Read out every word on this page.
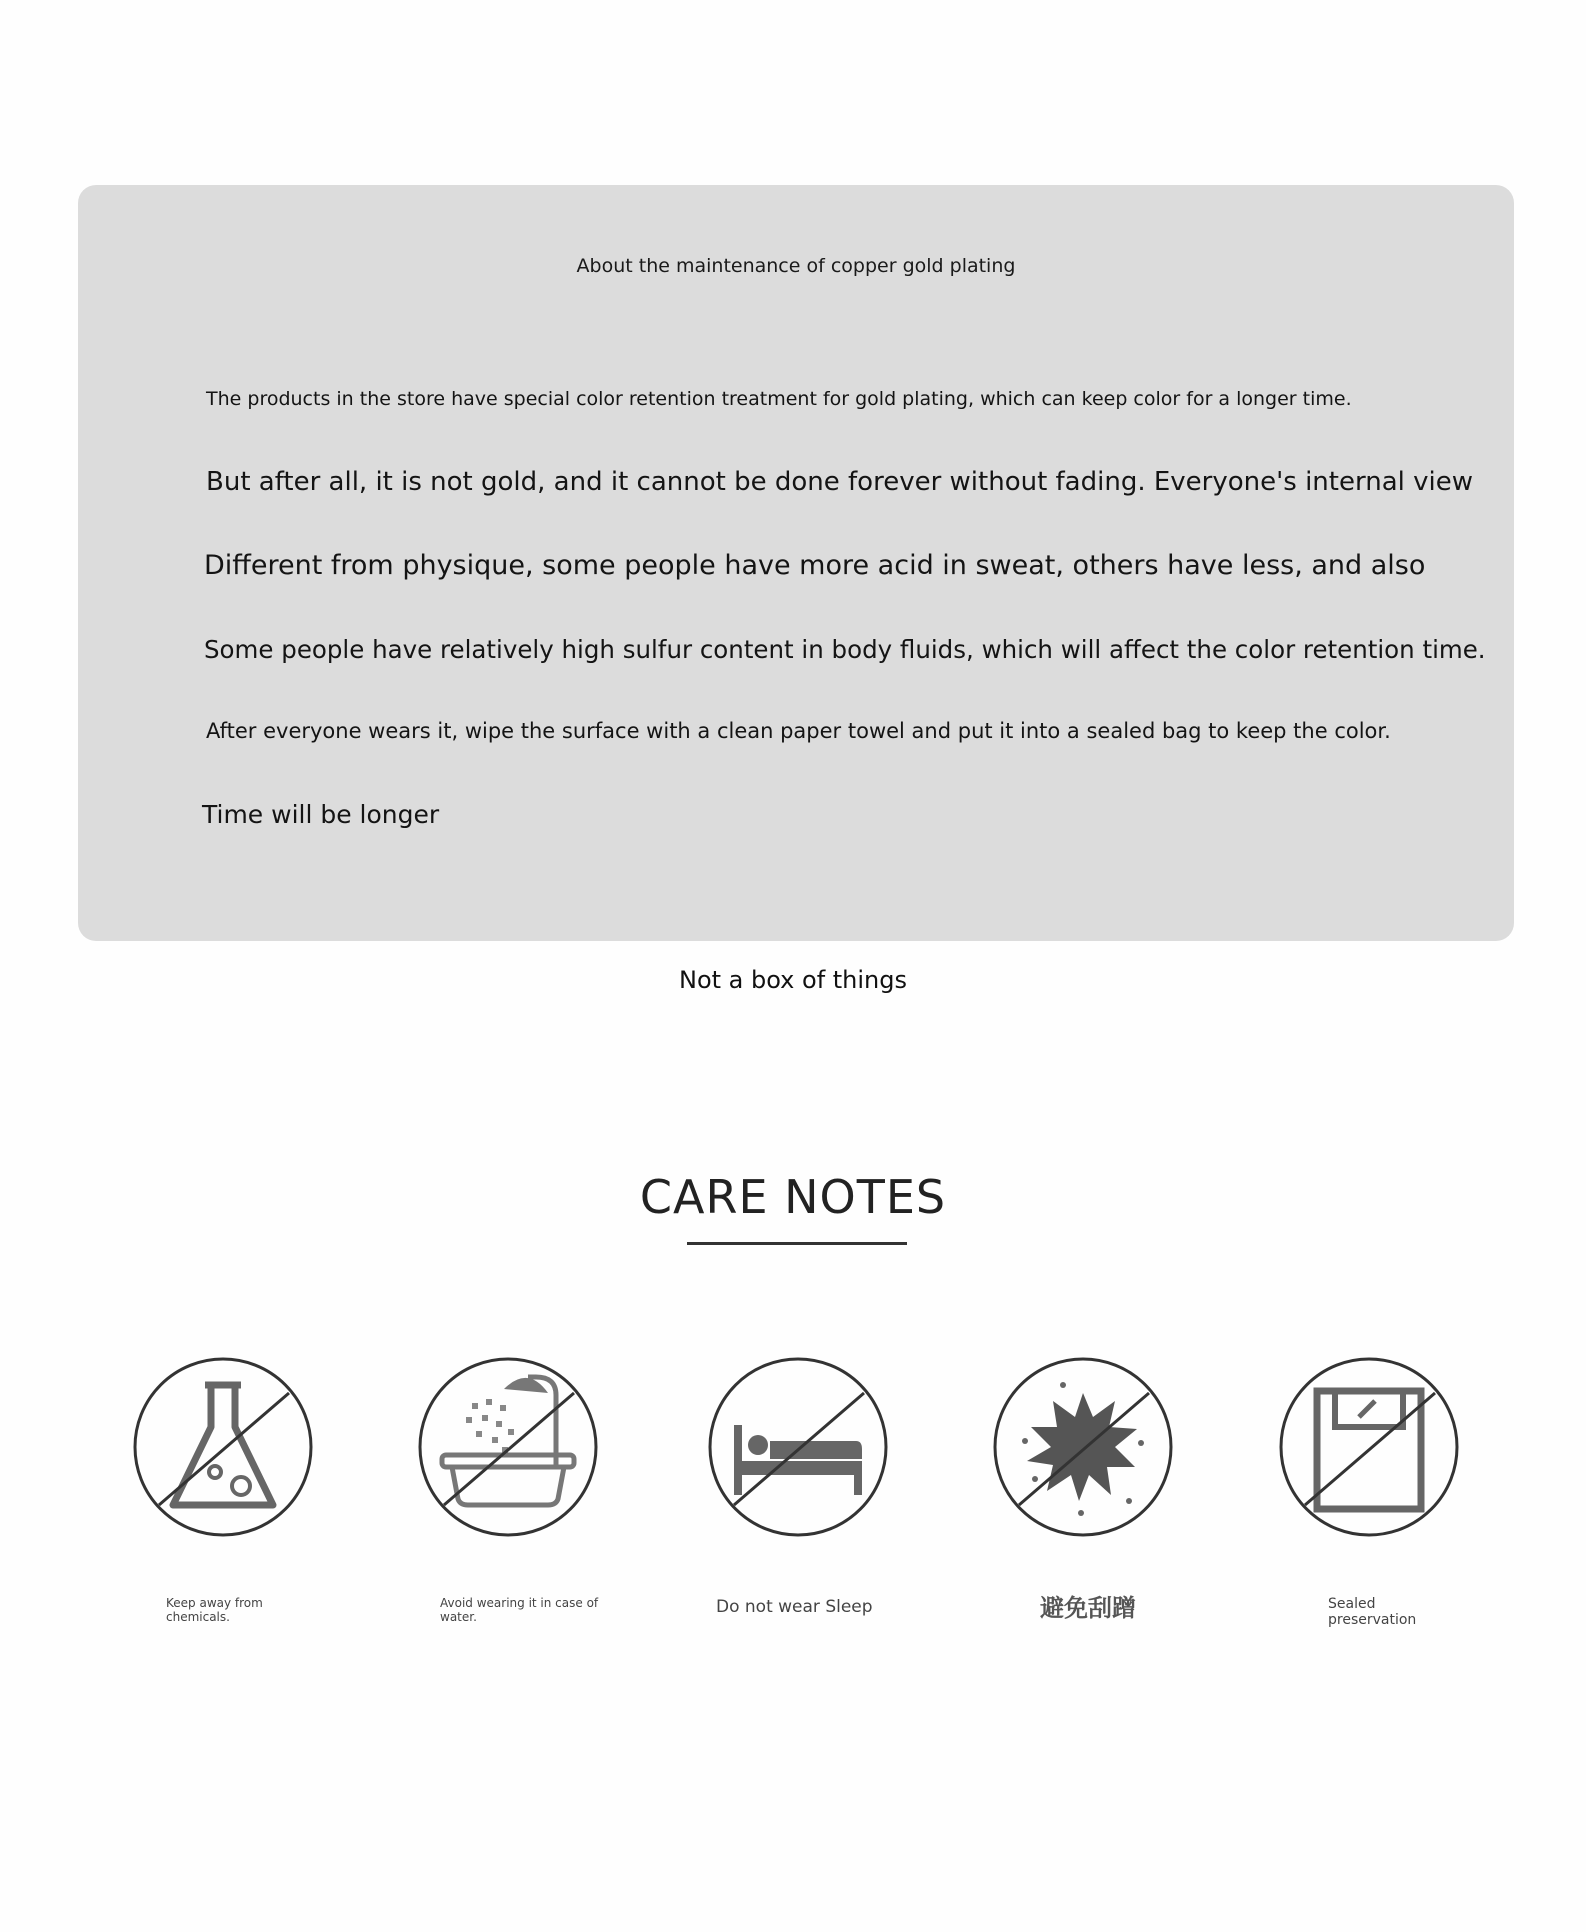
About the maintenance of copper gold plating
The products in the store have special color retention treatment for gold plating, which can keep color for a longer time.
But after all, it is not gold, and it cannot be done forever without fading. Everyone's internal view
Different from physique, some people have more acid in sweat, others have less, and also
Some people have relatively high sulfur content in body fluids, which will affect the color retention time.
After everyone wears it, wipe the surface with a clean paper towel and put it into a sealed bag to keep the color.
Time will be longer
Not a box of things
CARE NOTES
Keep away from chemicals.
Avoid wearing it in case of water.	Do not wear Sleep	避免刮蹭	Sealed preservation
